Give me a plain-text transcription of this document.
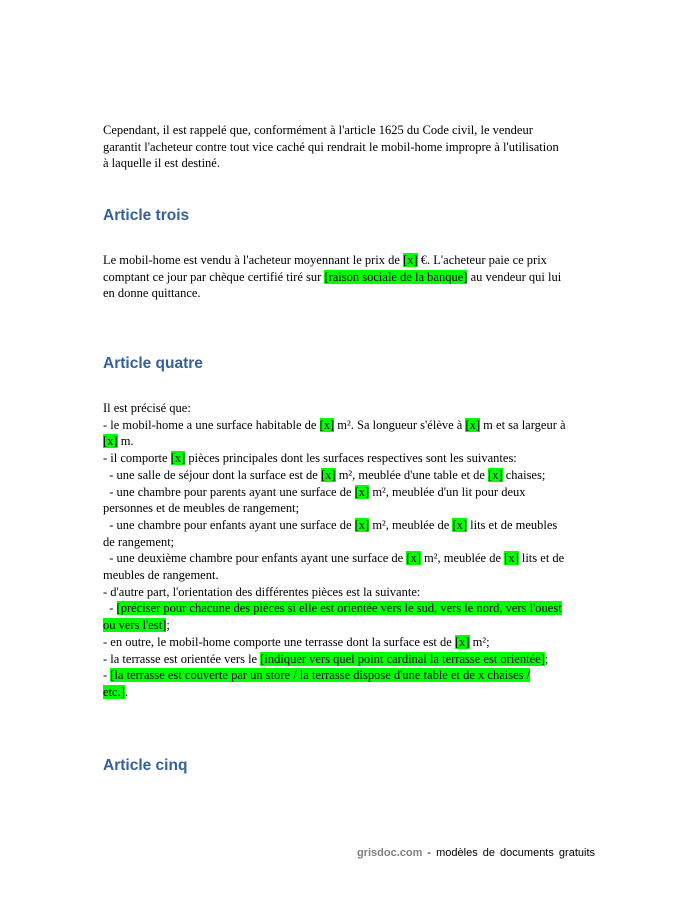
Cependant, il est rappelé que, conformément à l'article 1625 du Code civil, le vendeur
garantit l'acheteur contre tout vice caché qui rendrait le mobil-home impropre à l'utilisation
à laquelle il est destiné.

Article trois

Le mobil-home est vendu à l'acheteur moyennant le prix de [x] €. L'acheteur paie ce prix
comptant ce jour par chèque certifié tiré sur [raison sociale de la banque] au vendeur qui lui
en donne quittance.

Article quatre

Il est précisé que:
- le mobil-home a une surface habitable de [x] m². Sa longueur s'élève à [x] m et sa largeur à
[x] m.
- il comporte [x] pièces principales dont les surfaces respectives sont les suivantes:
- une salle de séjour dont la surface est de [x] m², meublée d'une table et de [x] chaises;
- une chambre pour parents ayant une surface de [x] m², meublée d'un lit pour deux
personnes et de meubles de rangement;
- une chambre pour enfants ayant une surface de [x] m², meublée de [x] lits et de meubles
de rangement;
- une deuxième chambre pour enfants ayant une surface de [x] m², meublée de [x] lits et de
meubles de rangement.
- d'autre part, l'orientation des différentes pièces est la suivante:
- [préciser pour chacune des pièces si elle est orientée vers le sud, vers le nord, vers l'ouest
ou vers l'est];
- en outre, le mobil-home comporte une terrasse dont la surface est de [x] m²;
- la terrasse est orientée vers le [indiquer vers quel point cardinal la terrasse est orientée];
- [la terrasse est couverte par un store / la terrasse dispose d'une table et de x chaises /
etc.].

Article cinq
grisdoc.com - modèles de documents gratuits
